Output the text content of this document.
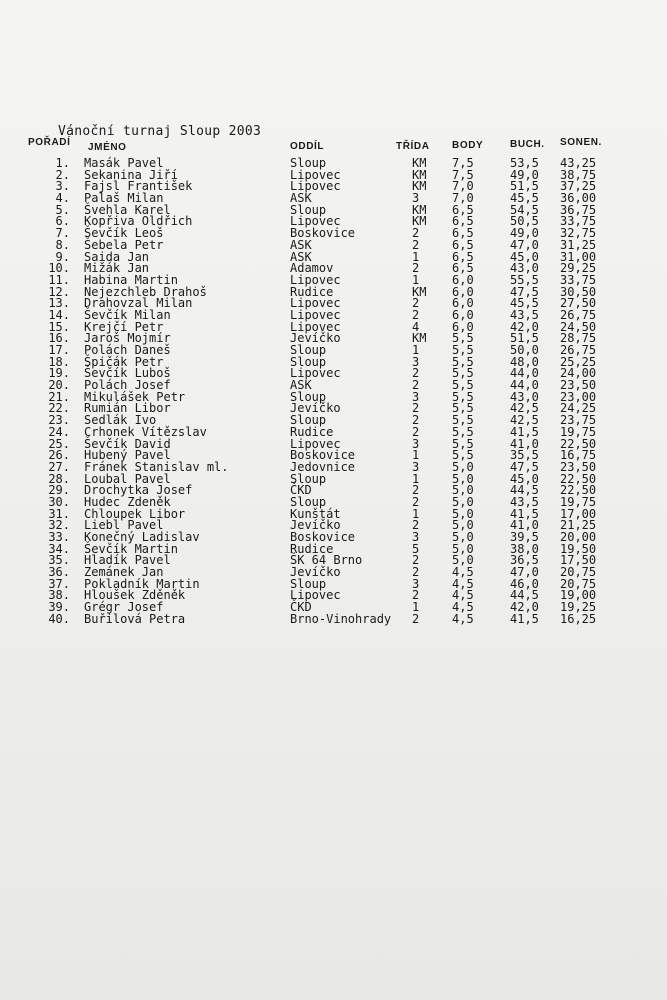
Vánoční turnaj Sloup 2003
POŘADÍ JMÉNO	ODDÍL	TŘÍDA BODY	BUCH. SONEN.
1. Masák Pavel	Sloup	KM 7,5	53,5 43,25
2. Sekanina Jiří	Lipovec	KM 7,5	49,0 38,75
3. Fajsl František	Lipovec	KM 7,0	51,5 37,25
4. Palaš Milan	ASK	3	7,0	45,5 36,00
5. Švehla Karel	Sloup	KM 6,5	54,5 36,75
6. Kopřiva Oldřich	Lipovec	KM 6,5	50,5 33,75
7. Ševčík Leoš	Boskovice	2	6,5	49,0 32,75
8. Šebela Petr	ASK	2	6,5	47,0 31,25
9. Saida Jan	ASK	1	6,5	45,0 31,00
10. Mižák Jan	Adamov	2	6,5	43,0 29,25
11. Habina Martin	Lipovec	1	6,0	55,5 33,75
12. Nejezchleb Drahoš	Rudice	KM 6,0	47,5 30,50
13. Drahovzal Milan	Lipovec	2	6,0	45,5 27,50
14. Ševčík Milan	Lipovec	2	6,0	43,5 26,75
15. Krejčí Petr	Lipovec	4	6,0	42,0 24,50
16. Jaroš Mojmír	Jevíčko	KM 5,5	51,5 28,75
17. Polách Daneš	Sloup	1	5,5	50,0 26,75
18. Špičák Petr	Sloup	3	5,5	48,0 25,25
19. Ševčík Luboš	Lipovec	2	5,5	44,0 24,00
20. Polách Josef	ASK	2	5,5	44,0 23,50
21. Mikulášek Petr	Sloup	3	5,5	43,0 23,00
22. Rumián Libor	Jevíčko	2	5,5	42,5 24,25
23. Sedlák Ivo	Sloup	2	5,5	42,5 23,75
24. Crhonek Vítězslav	Rudice	2	5,5	41,5 19,75
25. Ševčík David	Lipovec	3	5,5	41,0 22,50
26. Hubený Pavel	Boskovice	1	5,5	35,5 16,75
27. Fránek Stanislav ml.	Jedovnice	3	5,0	47,5 23,50
28. Loubal Pavel	Sloup	1	5,0	45,0 22,50
29. Drochytka Josef	ČKD	2	5,0	44,5 22,50
30. Hudec Zdeněk	Sloup	2	5,0	43,5 19,75
31. Chloupek Libor	Kunštát	1	5,0	41,5 17,00
32. Liebl Pavel	Jevíčko	2	5,0	41,0 21,25
33. Konečný Ladislav	Boskovice	3	5,0	39,5 20,00
34. Ševčík Martin	Rudice	5	5,0	38,0 19,50
35. Hladík Pavel	ŠK 64 Brno	2	5,0	36,5 17,50
36. Zemánek Jan	Jevíčko	2	4,5	47,0 20,75
37. Pokladník Martin	Sloup	3	4,5	46,0 20,75
38. Hloušek Zděněk	Lipovec	2	4,5	44,5 19,00
39. Grégr Josef	ČKD	1	4,5	42,0 19,25
40. Buřilová Petra	Brno-Vinohrady 2	4,5	41,5 16,25
